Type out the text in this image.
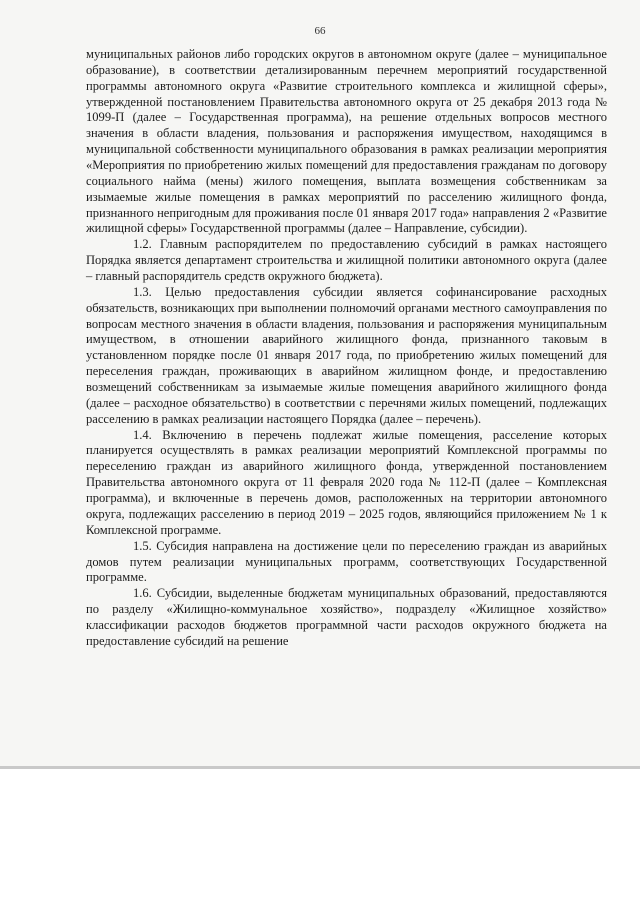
66

муниципальных районов либо городских округов в автономном округе (далее – муниципальное образование), в соответствии детализированным перечнем мероприятий государственной программы автономного округа «Развитие строительного комплекса и жилищной сферы», утвержденной постановлением Правительства автономного округа от 25 декабря 2013 года № 1099-П (далее – Государственная программа), на решение отдельных вопросов местного значения в области владения, пользования и распоряжения имуществом, находящимся в муниципальной собственности муниципального образования в рамках реализации мероприятия «Мероприятия по приобретению жилых помещений для предоставления гражданам по договору социального найма (мены) жилого помещения, выплата возмещения собственникам за изымаемые жилые помещения в рамках мероприятий по расселению жилищного фонда, признанного непригодным для проживания после 01 января 2017 года» направления 2 «Развитие жилищной сферы» Государственной программы (далее – Направление, субсидии).

1.2. Главным распорядителем по предоставлению субсидий в рамках настоящего Порядка является департамент строительства и жилищной политики автономного округа (далее – главный распорядитель средств окружного бюджета).

1.3. Целью предоставления субсидии является софинансирование расходных обязательств, возникающих при выполнении полномочий органами местного самоуправления по вопросам местного значения в области владения, пользования и распоряжения муниципальным имуществом, в отношении аварийного жилищного фонда, признанного таковым в установленном порядке после 01 января 2017 года, по приобретению жилых помещений для переселения граждан, проживающих в аварийном жилищном фонде, и предоставлению возмещений собственникам за изымаемые жилые помещения аварийного жилищного фонда (далее – расходное обязательство) в соответствии с перечнями жилых помещений, подлежащих расселению в рамках реализации настоящего Порядка (далее – перечень).

1.4. Включению в перечень подлежат жилые помещения, расселение которых планируется осуществлять в рамках реализации мероприятий Комплексной программы по переселению граждан из аварийного жилищного фонда, утвержденной постановлением Правительства автономного округа от 11 февраля 2020 года № 112-П (далее – Комплексная программа), и включенные в перечень домов, расположенных на территории автономного округа, подлежащих расселению в период 2019 – 2025 годов, являющийся приложением № 1 к Комплексной программе.

1.5. Субсидия направлена на достижение цели по переселению граждан из аварийных домов путем реализации муниципальных программ, соответствующих Государственной программе.

1.6. Субсидии, выделенные бюджетам муниципальных образований, предоставляются по разделу «Жилищно-коммунальное хозяйство», подразделу «Жилищное хозяйство» классификации расходов бюджетов программной части расходов окружного бюджета на предоставление субсидий на решение
